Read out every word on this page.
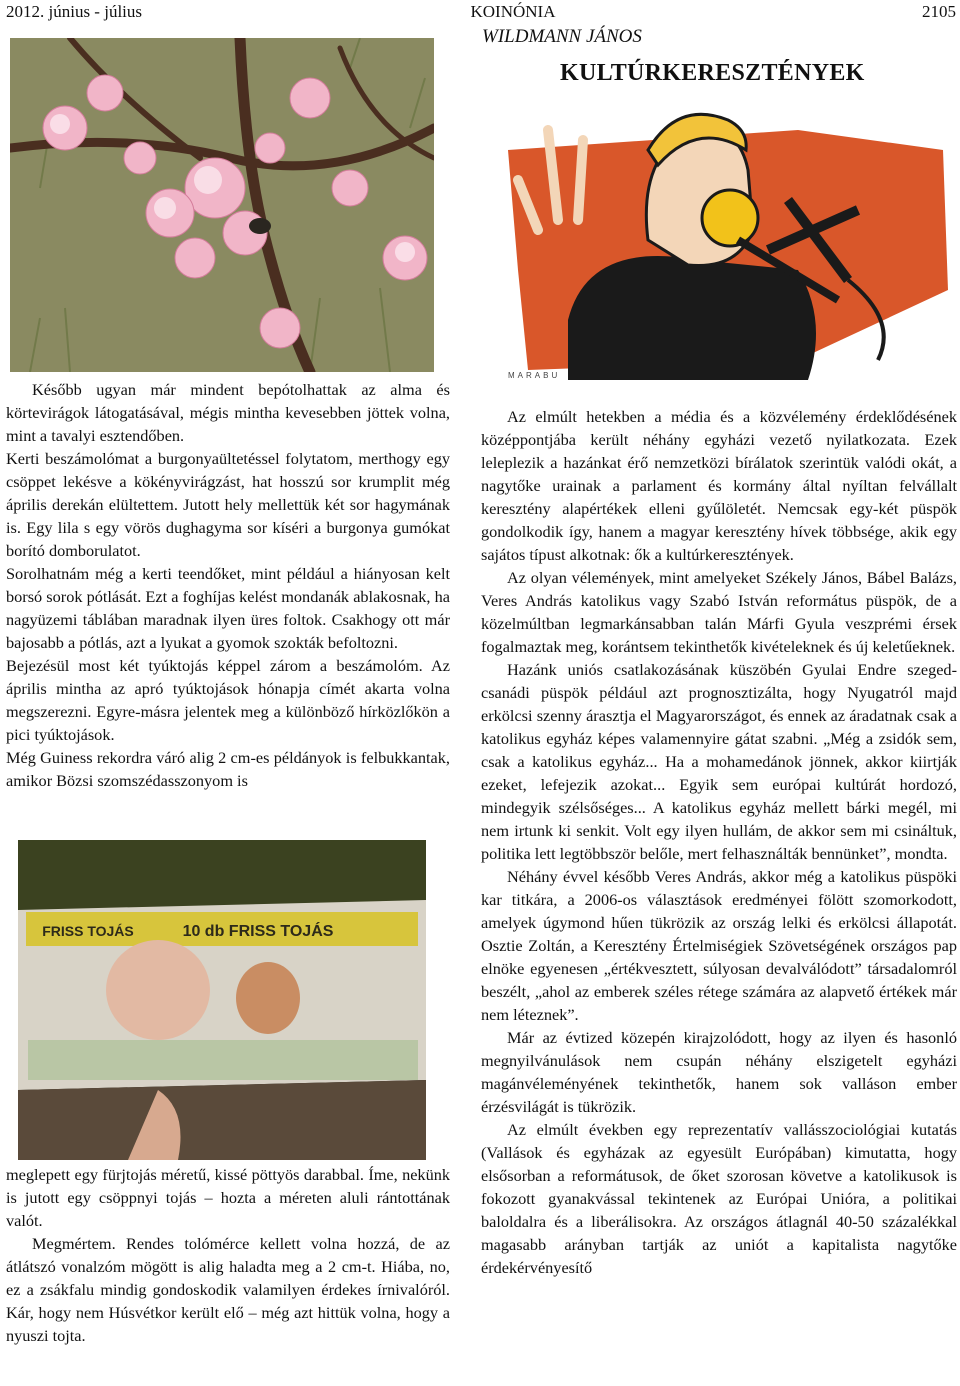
2012. június - július	KOINÓNIA	2105
WILDMANN JÁNOS
KULTÚRKERESZTÉNYEK
MARABU
10 db FRISS TOJÁS
FRISS TOJÁS

Később ugyan már mindent bepótolhattak az alma és körtevirágok látogatásával, mégis mintha kevesebben jöttek volna, mint a tavalyi esztendőben.

Kerti beszámolómat a burgonyaültetéssel folytatom, merthogy egy csöppet lekésve a kökényvirágzást, hat hosszú sor krumplit még április derekán elültettem. Jutott hely mellettük két sor hagymának is. Egy lila s egy vörös dughagyma sor kíséri a burgonya gumókat borító domborulatot.

Sorolhatnám még a kerti teendőket, mint például a hiányosan kelt borsó sorok pótlását. Ezt a foghíjas kelést mondanák ablakosnak, ha nagyüzemi táblában maradnak ilyen üres foltok. Csakhogy ott már bajosabb a pótlás, azt a lyukat a gyomok szokták befoltozni.

Bejezésül most két tyúktojás képpel zárom a beszámolóm. Az április mintha az apró tyúktojások hónapja címét akarta volna megszerezni. Egyre-másra jelentek meg a különböző hírközlőkön a pici tyúktojások.

Még Guiness rekordra váró alig 2 cm-es példányok is felbukkantak, amikor Bözsi szomszédasszonyom is

meglepett egy fürjtojás méretű, kissé pöttyös darabbal. Íme, nekünk is jutott egy csöppnyi tojás – hozta a méreten aluli rántottának valót.

Megmértem. Rendes tolómérce kellett volna hozzá, de az átlátszó vonalzóm mögött is alig haladta meg a 2 cm-t. Hiába, no, ez a zsákfalu mindig gondoskodik valamilyen érdekes írnivalóról. Kár, hogy nem Húsvétkor került elő – még azt hittük volna, hogy a nyuszi tojta.

Az elmúlt hetekben a média és a közvélemény érdeklődésének középpontjába került néhány egyházi vezető nyilatkozata. Ezek leleplezik a hazánkat érő nemzetközi bírálatok szerintük valódi okát, a nagytőke urainak a parlament és kormány által nyíltan felvállalt keresztény alapértékek elleni gyűlöletét. Nemcsak egy-két püspök gondolkodik így, hanem a magyar keresztény hívek többsége, akik egy sajátos típust alkotnak: ők a kultúrkeresztények.

Az olyan vélemények, mint amelyeket Székely János, Bábel Balázs, Veres András katolikus vagy Szabó István református püspök, de a közelmúltban legmarkánsabban talán Márfi Gyula veszprémi érsek fogalmaztak meg, korántsem tekinthetők kivételeknek és új keletűeknek.

Hazánk uniós csatlakozásának küszöbén Gyulai Endre szeged-csanádi püspök például azt prognosztizálta, hogy Nyugatról majd erkölcsi szenny árasztja el Magyarországot, és ennek az áradatnak csak a katolikus egyház képes valamennyire gátat szabni. „Még a zsidók sem, csak a katolikus egyház... Ha a mohamedánok jönnek, akkor kiirtják ezeket, lefejezik azokat... Egyik sem európai kultúrát hordozó, mindegyik szélsőséges... A katolikus egyház mellett bárki megél, mi nem irtunk ki senkit. Volt egy ilyen hullám, de akkor sem mi csináltuk, politika lett legtöbbször belőle, mert felhasználták bennünket”, mondta.

Néhány évvel később Veres András, akkor még a katolikus püspöki kar titkára, a 2006-os választások eredményei fölött szomorkodott, amelyek úgymond hűen tükrözik az ország lelki és erkölcsi állapotát. Osztie Zoltán, a Keresztény Értelmiségiek Szövetségének országos pap elnöke egyenesen „értékvesztett, súlyosan devalválódott” társadalomról beszélt, „ahol az emberek széles rétege számára az alapvető értékek már nem léteznek”.

Már az évtized közepén kirajzolódott, hogy az ilyen és hasonló megnyilvánulások nem csupán néhány elszigetelt egyházi magánvéleményének tekinthetők, hanem sok valláson ember érzésvilágát is tükrözik.

Az elmúlt években egy reprezentatív vallásszociológiai kutatás (Vallások és egyházak az egyesült Európában) kimutatta, hogy elsősorban a reformátusok, de őket szorosan követve a katolikusok is fokozott gyanakvással tekintenek az Európai Unióra, a politikai baloldalra és a liberálisokra. Az országos átlagnál 40-50 százalékkal magasabb arányban tartják az uniót a kapitalista nagytőke érdekérvényesítő
